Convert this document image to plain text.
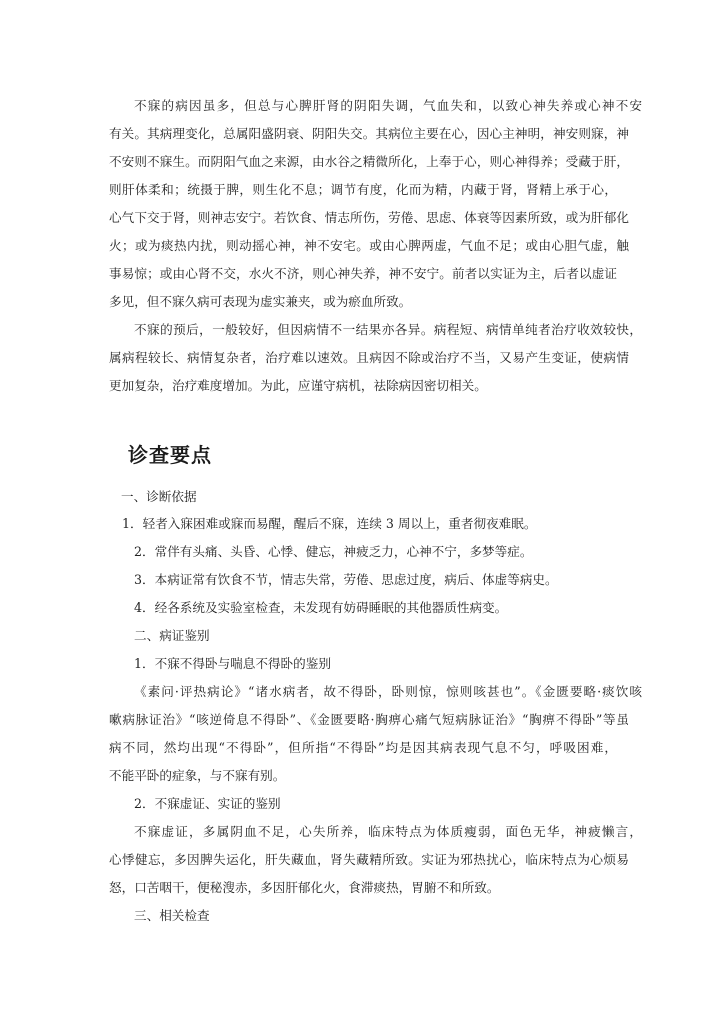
不寐的病因虽多，但总与心脾肝肾的阴阳失调，气血失和，以致心神失养或心神不安

有关。其病理变化，总属阳盛阴衰、阴阳失交。其病位主要在心，因心主神明，神安则寐，神

不安则不寐生。而阴阳气血之来源，由水谷之精微所化，上奉于心，则心神得养；受藏于肝，

则肝体柔和；统摄于脾，则生化不息；调节有度，化而为精，内藏于肾，肾精上承于心，

心气下交于肾，则神志安宁。若饮食、情志所伤，劳倦、思虑、体衰等因素所致，或为肝郁化

火；或为痰热内扰，则动摇心神，神不安宅。或由心脾两虚，气血不足；或由心胆气虚，触

事易惊；或由心肾不交，水火不济，则心神失养，神不安宁。前者以实证为主，后者以虚证

多见，但不寐久病可表现为虚实兼夹，或为瘀血所致。

不寐的预后，一般较好，但因病情不一结果亦各异。病程短、病情单纯者治疗收效较快，

属病程较长、病情复杂者，治疗难以速效。且病因不除或治疗不当，又易产生变证，使病情

更加复杂，治疗难度增加。为此，应谨守病机，祛除病因密切相关。

诊查要点

一、诊断依据

1．轻者入寐困难或寐而易醒，醒后不寐，连续 3 周以上，重者彻夜难眠。

2．常伴有头痛、头昏、心悸、健忘，神疲乏力，心神不宁，多梦等症。

3．本病证常有饮食不节，情志失常，劳倦、思虑过度，病后、体虚等病史。

4．经各系统及实验室检查，未发现有妨碍睡眠的其他器质性病变。

二、病证鉴别

1．不寐不得卧与喘息不得卧的鉴别

《素问·评热病论》“诸水病者，故不得卧，卧则惊，惊则咳甚也”。《金匮要略·痰饮咳

嗽病脉证治》“咳逆倚息不得卧”、《金匮要略·胸痹心痛气短病脉证治》“胸痹不得卧”等虽

病不同，然均出现“不得卧”，但所指“不得卧”均是因其病表现气息不匀，呼吸困难，

不能平卧的症象，与不寐有别。

2．不寐虚证、实证的鉴别

不寐虚证，多属阴血不足，心失所养，临床特点为体质瘦弱，面色无华，神疲懒言，

心悸健忘，多因脾失运化，肝失藏血，肾失藏精所致。实证为邪热扰心，临床特点为心烦易

怒，口苦咽干，便秘溲赤，多因肝郁化火，食滞痰热，胃腑不和所致。

三、相关检查
